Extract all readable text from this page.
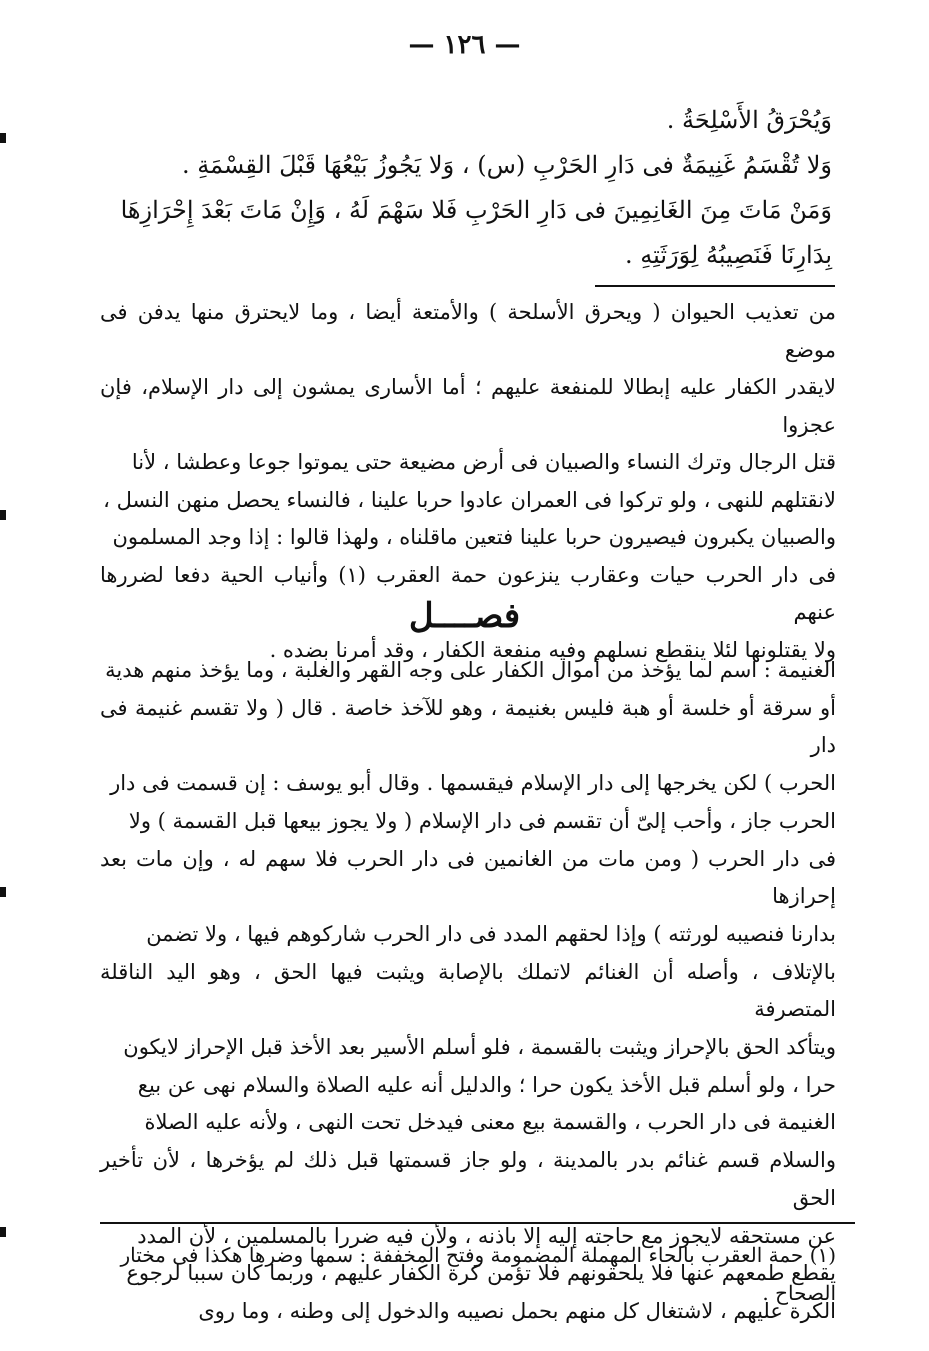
— ١٢٦ —

وَيُحْرَقُ الأَسْلِحَةُ .

وَلا تُقْسَمُ غَنِيمَةٌ فى دَارِ الحَرْبِ (س) ، وَلا يَجُوزُ بَيْعُهَا قَبْلَ القِسْمَةِ .

وَمَنْ مَاتَ مِنَ الغَانِمِينَ فى دَارِ الحَرْبِ فَلا سَهْمَ لَهُ ، وَإِنْ مَاتَ بَعْدَ إِحْرَازِهَا

بِدَارِنَا فَنَصِيبُهُ لِوَرَثَتِهِ .

من تعذيب الحيوان ( ويحرق الأسلحة ) والأمتعة أيضا ، وما لايحترق منها يدفن فى موضع

لايقدر الكفار عليه إبطالا للمنفعة عليهم ؛ أما الأسارى يمشون إلى دار الإسلام، فإن عجزوا

قتل الرجال وترك النساء والصبيان فى أرض مضيعة حتى يموتوا جوعا وعطشا ، لأنا

لانقتلهم للنهى ، ولو تركوا فى العمران عادوا حربا علينا ، فالنساء يحصل منهن النسل ،

والصبيان يكبرون فيصيرون حربا علينا فتعين ماقلناه ، ولهذا قالوا : إذا وجد المسلمون

فى دار الحرب حيات وعقارب ينزعون حمة العقرب (١) وأنياب الحية دفعا لضررها عنهم

ولا يقتلونها لئلا ينقطع نسلهم وفيه منفعة الكفار ، وقد أمرنا بضده .

فصــــل

الغنيمة : اسم لما يؤخذ من أموال الكفار على وجه القهر والغلبة ، وما يؤخذ منهم هدية

أو سرقة أو خلسة أو هبة فليس بغنيمة ، وهو للآخذ خاصة . قال ( ولا تقسم غنيمة فى دار

الحرب ) لكن يخرجها إلى دار الإسلام فيقسمها . وقال أبو يوسف : إن قسمت فى دار

الحرب جاز ، وأحب إلىّ أن تقسم فى دار الإسلام ( ولا يجوز بيعها قبل القسمة ) ولا

فى دار الحرب ( ومن مات من الغانمين فى دار الحرب فلا سهم له ، وإن مات بعد إحرازها

بدارنا فنصيبه لورثته ) وإذا لحقهم المدد فى دار الحرب شاركوهم فيها ، ولا تضمن

بالإتلاف ، وأصله أن الغنائم لاتملك بالإصابة ويثبت فيها الحق ، وهو اليد الناقلة المتصرفة

ويتأكد الحق بالإحراز ويثبت بالقسمة ، فلو أسلم الأسير بعد الأخذ قبل الإحراز لايكون

حرا ، ولو أسلم قبل الأخذ يكون حرا ؛ والدليل أنه عليه الصلاة والسلام نهى عن بيع

الغنيمة فى دار الحرب ، والقسمة بيع معنى فيدخل تحت النهى ، ولأنه عليه الصلاة

والسلام قسم غنائم بدر بالمدينة ، ولو جاز قسمتها قبل ذلك لم يؤخرها ، لأن تأخير الحق

عن مستحقه لايجوز مع حاجته إليه إلا باذنه ، ولأن فيه ضررا بالمسلمين ، لأن المدد

يقطع طمعهم عنها فلا يلحقونهم فلا تؤمن كرة الكفار عليهم ، وربما كان سببا لرجوع

الكرة عليهم ، لاشتغال كل منهم بحمل نصيبه والدخول إلى وطنه ، وما روى

(١) حمة العقرب بالحاء المهملة المضمومة وفتح المخففة : سمها وضرها هكذا فى مختار

الصحاح .
